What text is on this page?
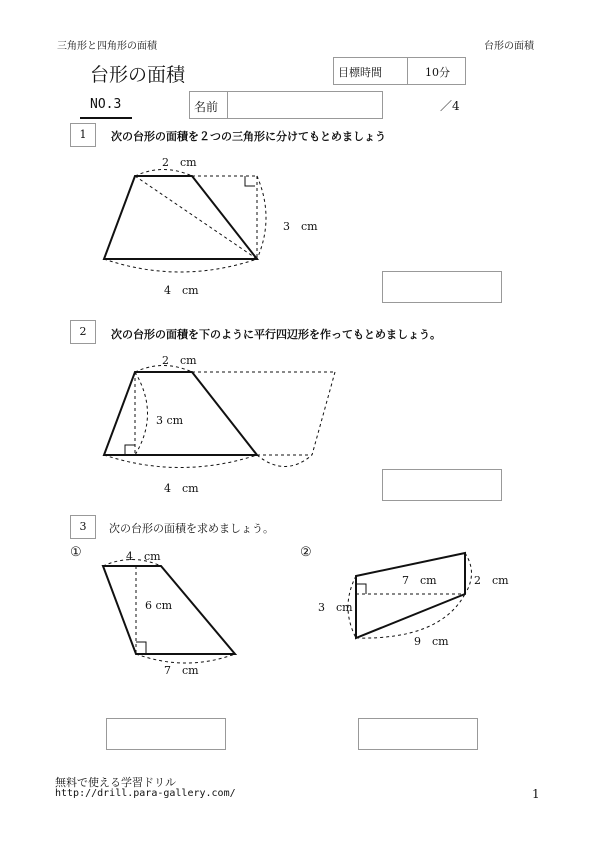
三角形と四角形の面積	台形の面積
台形の面積	目標時間	10分
NO.3	名前	／4
1	次の台形の面積を２つの三角形に分けてもとめましょう
2	次の台形の面積を下のように平行四辺形を作ってもとめましょう。
3	次の台形の面積を求めましょう。
2　cm
3　cm
4　cm
2　cm
3 cm
4　cm
①	②
4　cm
6 cm
7　cm
3　cm
7　cm	2　cm
9　cm
無料で使える学習ドリル
http://drill.para-gallery.com/	1
